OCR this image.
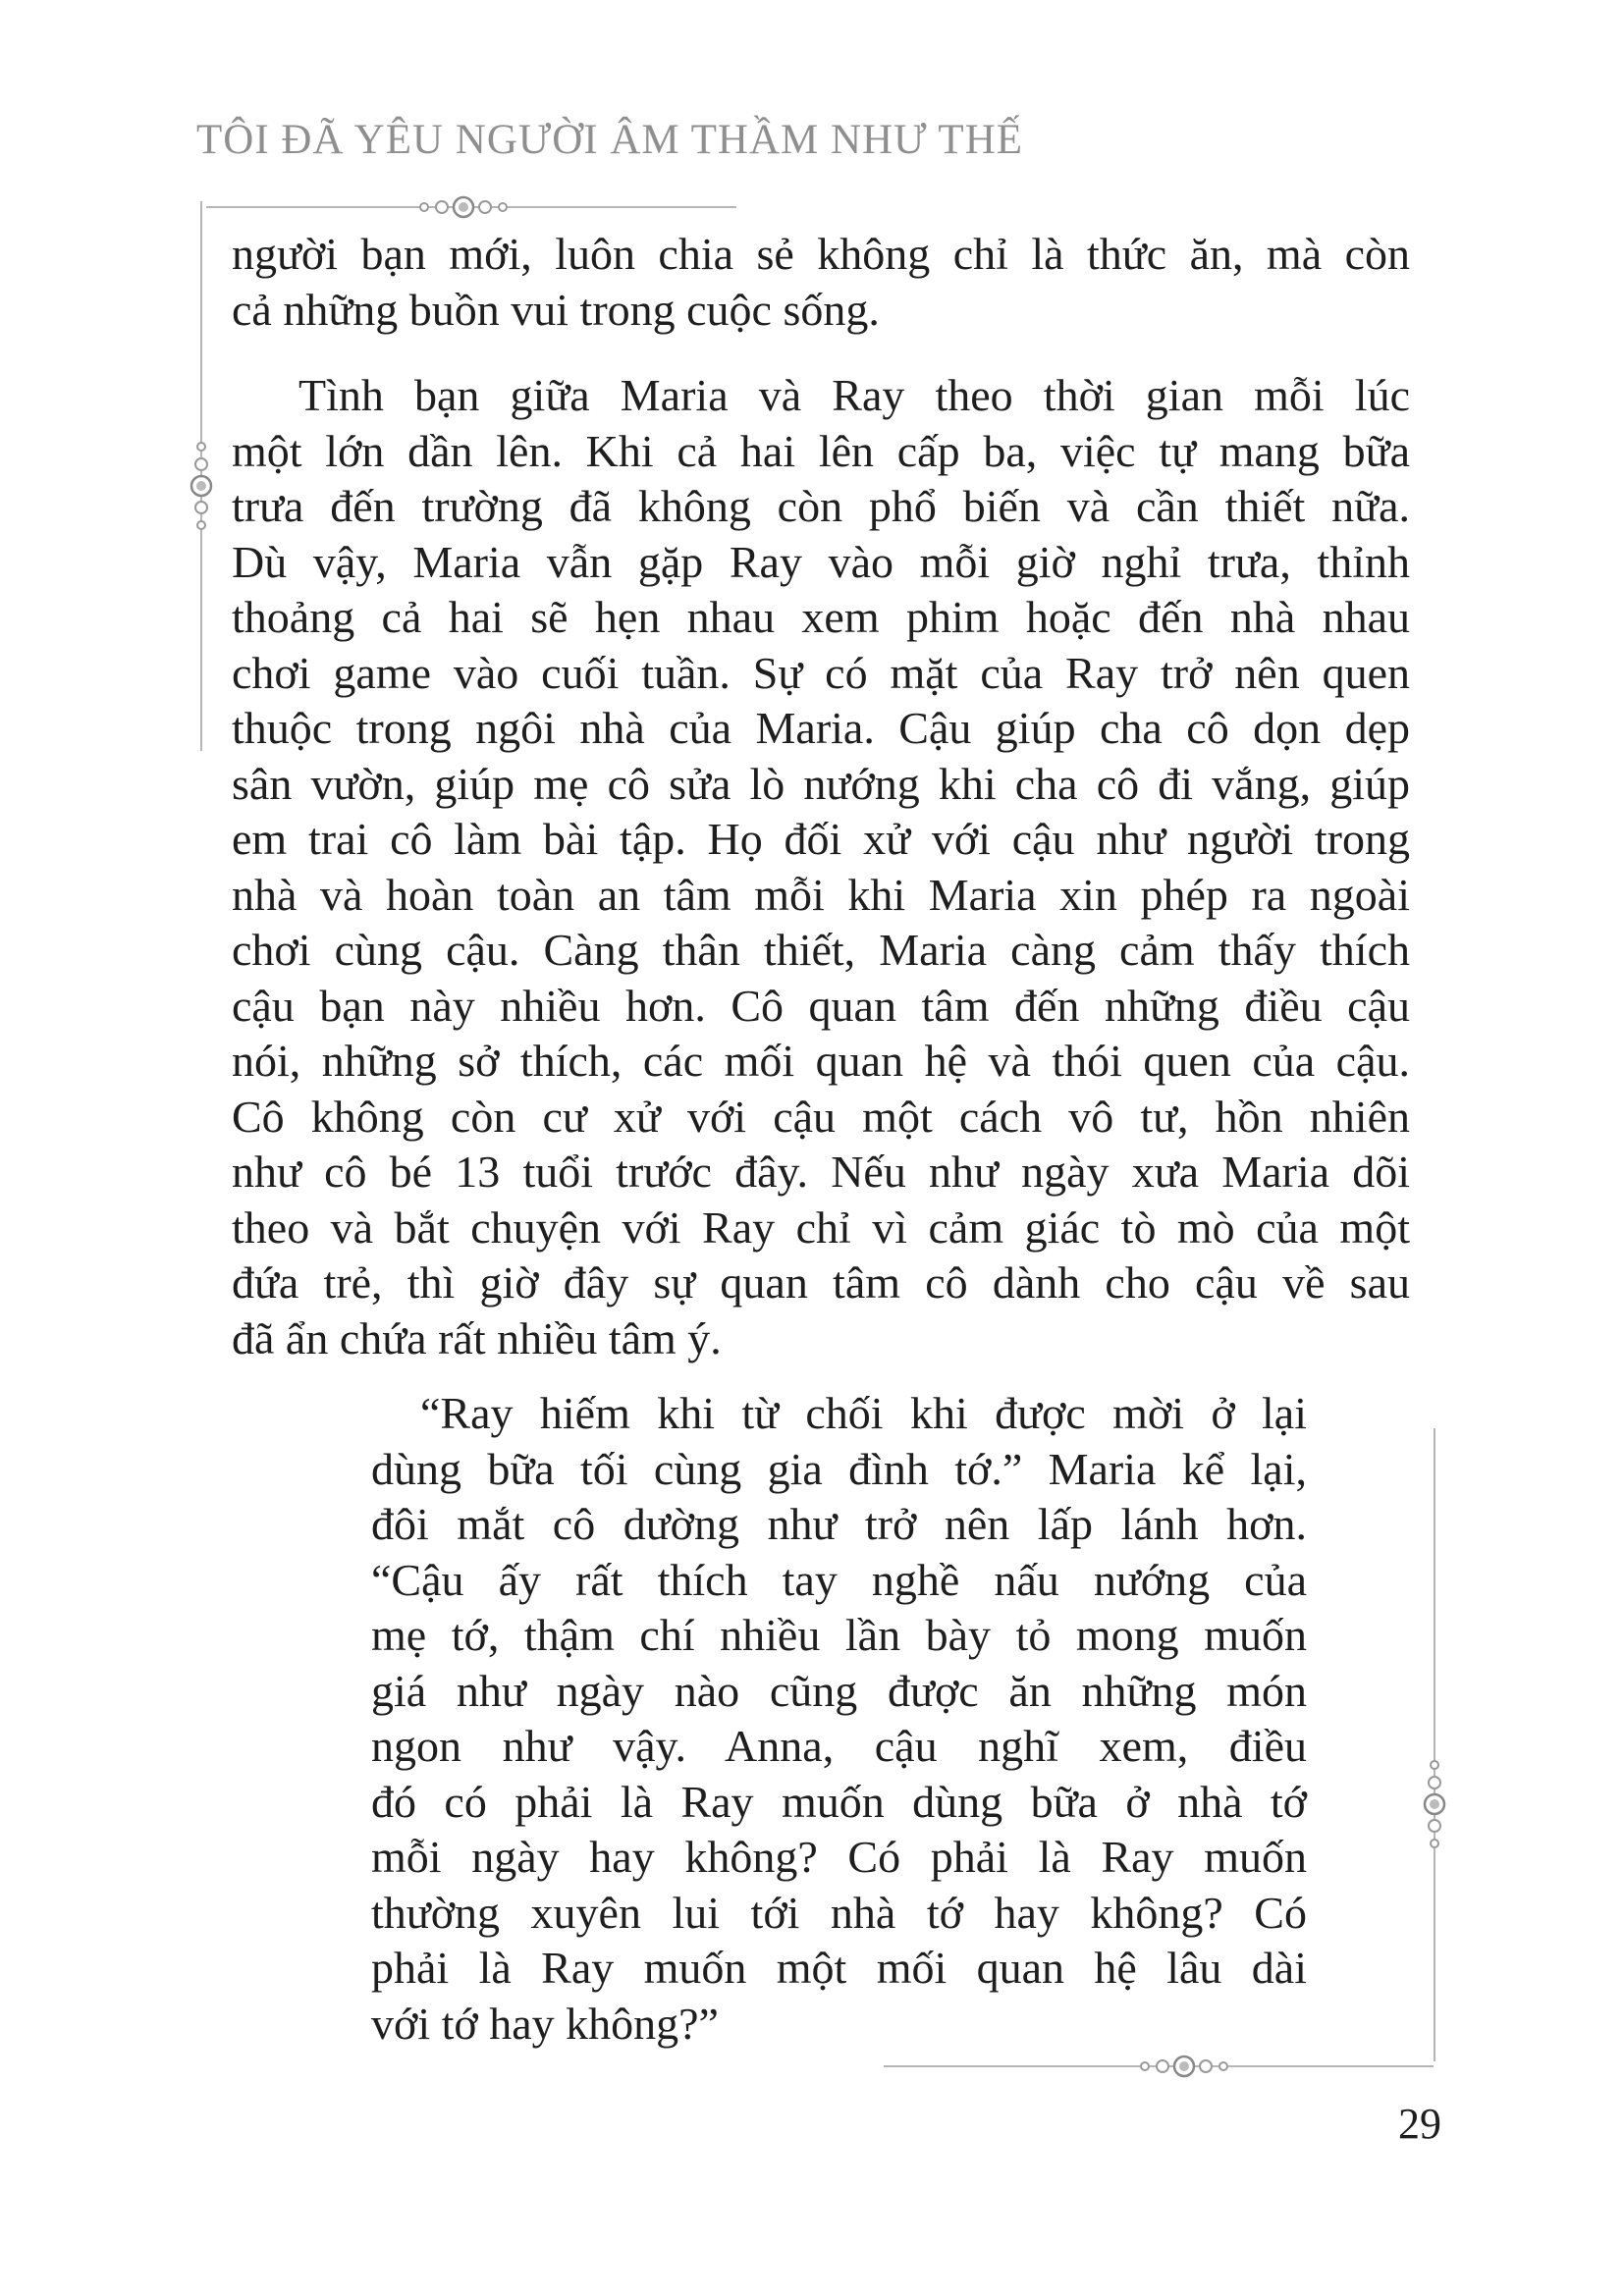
TÔI ĐÃ YÊU NGƯỜI ÂM THẦM NHƯ THẾ
người bạn mới, luôn chia sẻ không chỉ là thức ăn, mà còn
cả những buồn vui trong cuộc sống.
Tình bạn giữa Maria và Ray theo thời gian mỗi lúc
một lớn dần lên. Khi cả hai lên cấp ba, việc tự mang bữa
trưa đến trường đã không còn phổ biến và cần thiết nữa.
Dù vậy, Maria vẫn gặp Ray vào mỗi giờ nghỉ trưa, thỉnh
thoảng cả hai sẽ hẹn nhau xem phim hoặc đến nhà nhau
chơi game vào cuối tuần. Sự có mặt của Ray trở nên quen
thuộc trong ngôi nhà của Maria. Cậu giúp cha cô dọn dẹp
sân vườn, giúp mẹ cô sửa lò nướng khi cha cô đi vắng, giúp
em trai cô làm bài tập. Họ đối xử với cậu như người trong
nhà và hoàn toàn an tâm mỗi khi Maria xin phép ra ngoài
chơi cùng cậu. Càng thân thiết, Maria càng cảm thấy thích
cậu bạn này nhiều hơn. Cô quan tâm đến những điều cậu
nói, những sở thích, các mối quan hệ và thói quen của cậu.
Cô không còn cư xử với cậu một cách vô tư, hồn nhiên
như cô bé 13 tuổi trước đây. Nếu như ngày xưa Maria dõi
theo và bắt chuyện với Ray chỉ vì cảm giác tò mò của một
đứa trẻ, thì giờ đây sự quan tâm cô dành cho cậu về sau
đã ẩn chứa rất nhiều tâm ý.
“Ray hiếm khi từ chối khi được mời ở lại
dùng bữa tối cùng gia đình tớ.” Maria kể lại,
đôi mắt cô dường như trở nên lấp lánh hơn.
“Cậu ấy rất thích tay nghề nấu nướng của
mẹ tớ, thậm chí nhiều lần bày tỏ mong muốn
giá như ngày nào cũng được ăn những món
ngon như vậy. Anna, cậu nghĩ xem, điều
đó có phải là Ray muốn dùng bữa ở nhà tớ
mỗi ngày hay không? Có phải là Ray muốn
thường xuyên lui tới nhà tớ hay không? Có
phải là Ray muốn một mối quan hệ lâu dài
với tớ hay không?”

29
